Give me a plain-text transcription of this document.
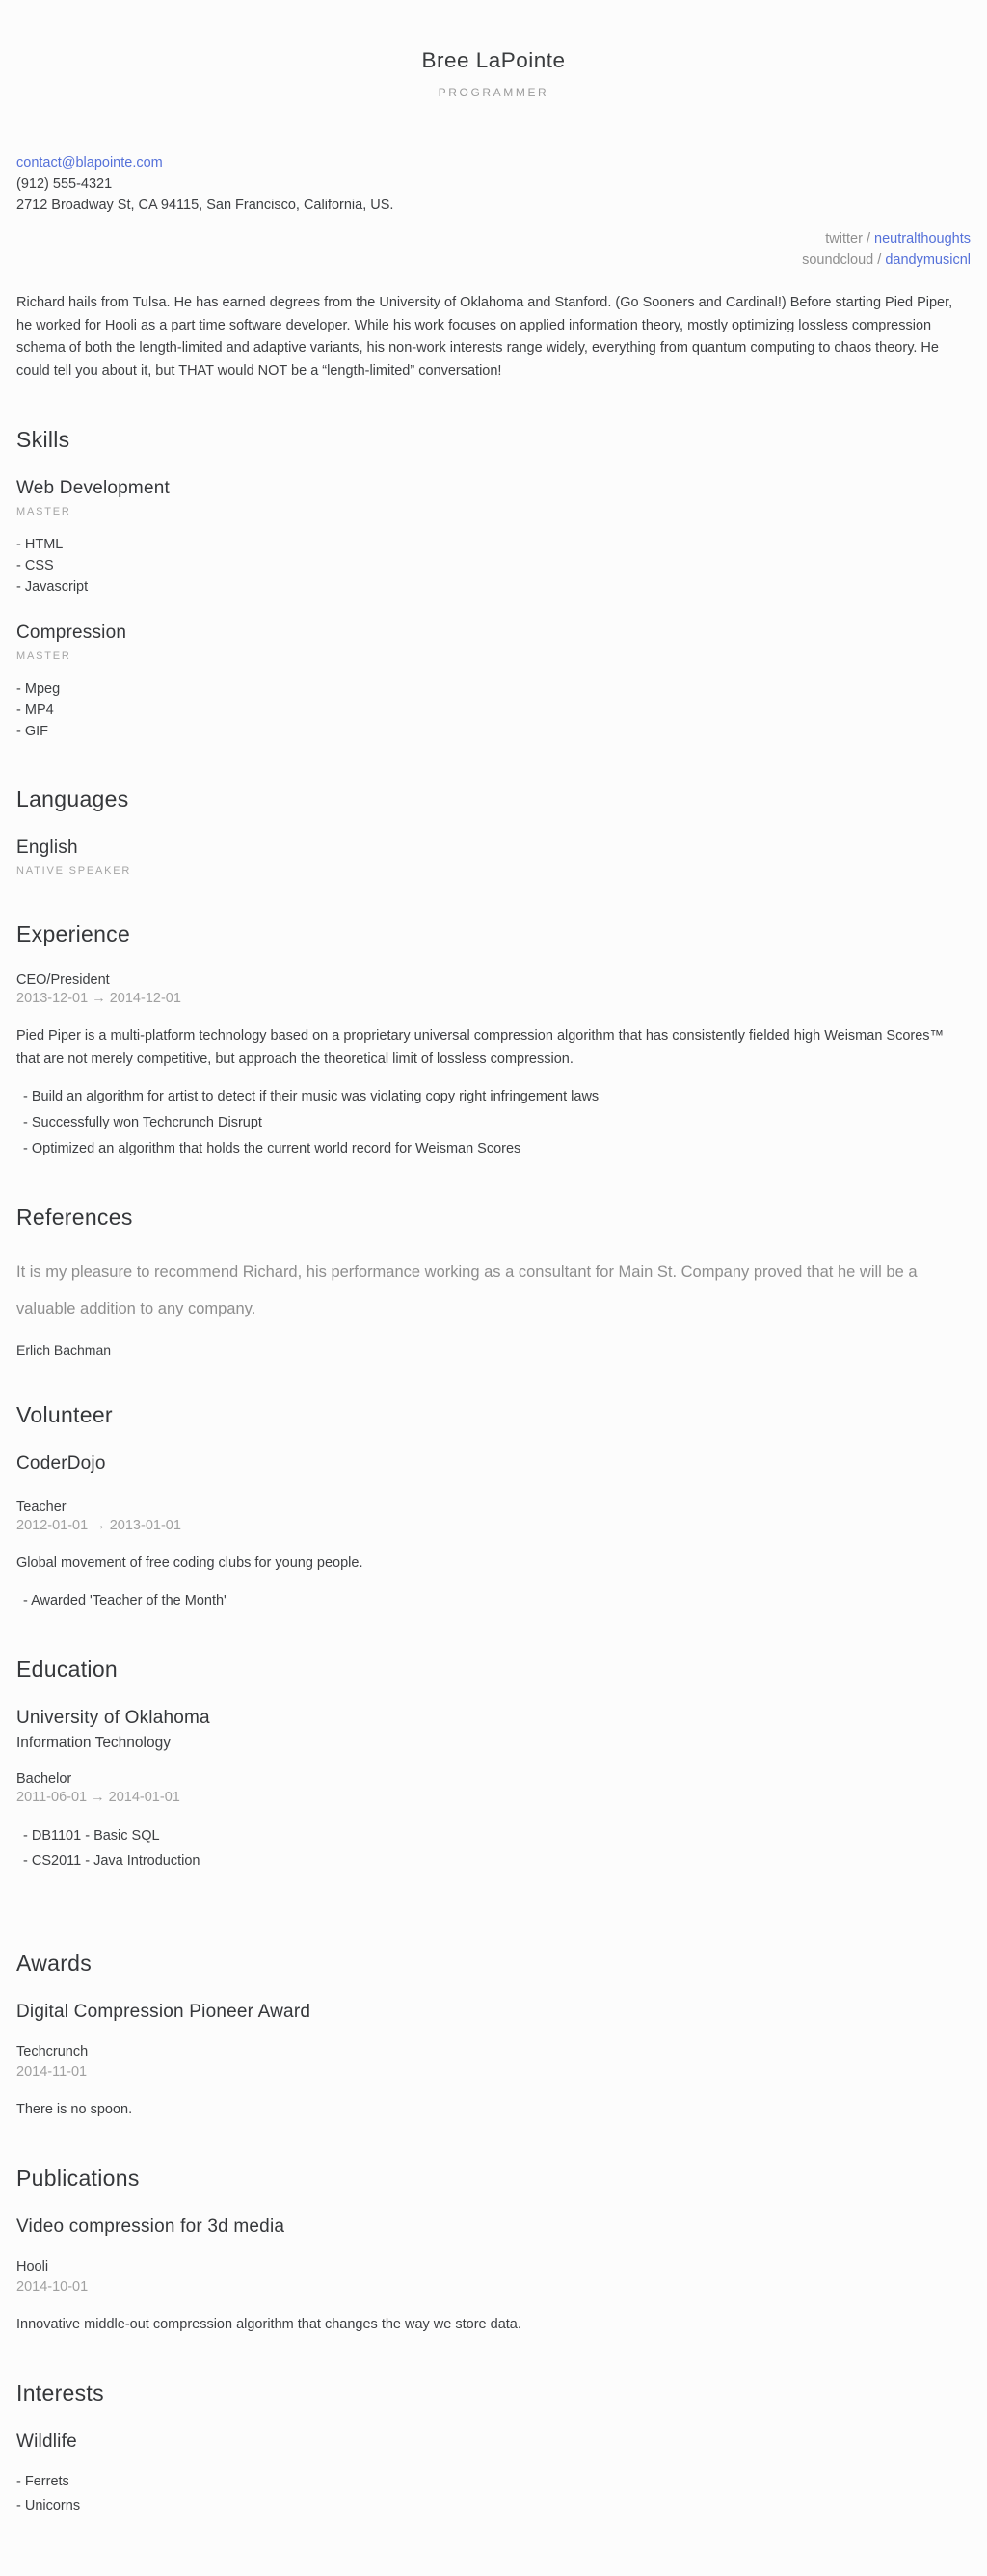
Bree LaPointe
PROGRAMMER
contact@blapointe.com
(912) 555-4321
2712 Broadway St, CA 94115, San Francisco, California, US.
twitter / neutralthoughts
soundcloud / dandymusicnl

Richard hails from Tulsa. He has earned degrees from the University of Oklahoma and Stanford. (Go Sooners and Cardinal!) Before starting Pied Piper, he worked for Hooli as a part time software developer. While his work focuses on applied information theory, mostly optimizing lossless compression schema of both the length-limited and adaptive variants, his non-work interests range widely, everything from quantum computing to chaos theory. He could tell you about it, but THAT would NOT be a “length-limited” conversation!

Skills
Web Development
MASTER
- HTML
- CSS
- Javascript
Compression
MASTER
- Mpeg
- MP4
- GIF
Languages
English
NATIVE SPEAKER
Experience
CEO/President
2013-12-01 → 2014-12-01

Pied Piper is a multi-platform technology based on a proprietary universal compression algorithm that has consistently fielded high Weisman Scores™ that are not merely competitive, but approach the theoretical limit of lossless compression.

- Build an algorithm for artist to detect if their music was violating copy right infringement laws
- Successfully won Techcrunch Disrupt
- Optimized an algorithm that holds the current world record for Weisman Scores
References

It is my pleasure to recommend Richard, his performance working as a consultant for Main St. Company proved that he will be a valuable addition to any company.

Erlich Bachman
Volunteer
CoderDojo
Teacher
2012-01-01 → 2013-01-01

Global movement of free coding clubs for young people.

- Awarded 'Teacher of the Month'
Education
University of Oklahoma
Information Technology
Bachelor
2011-06-01 → 2014-01-01
- DB1101 - Basic SQL
- CS2011 - Java Introduction
Awards
Digital Compression Pioneer Award
Techcrunch
2014-11-01

There is no spoon.

Publications
Video compression for 3d media
Hooli
2014-10-01

Innovative middle-out compression algorithm that changes the way we store data.

Interests
Wildlife
- Ferrets
- Unicorns
